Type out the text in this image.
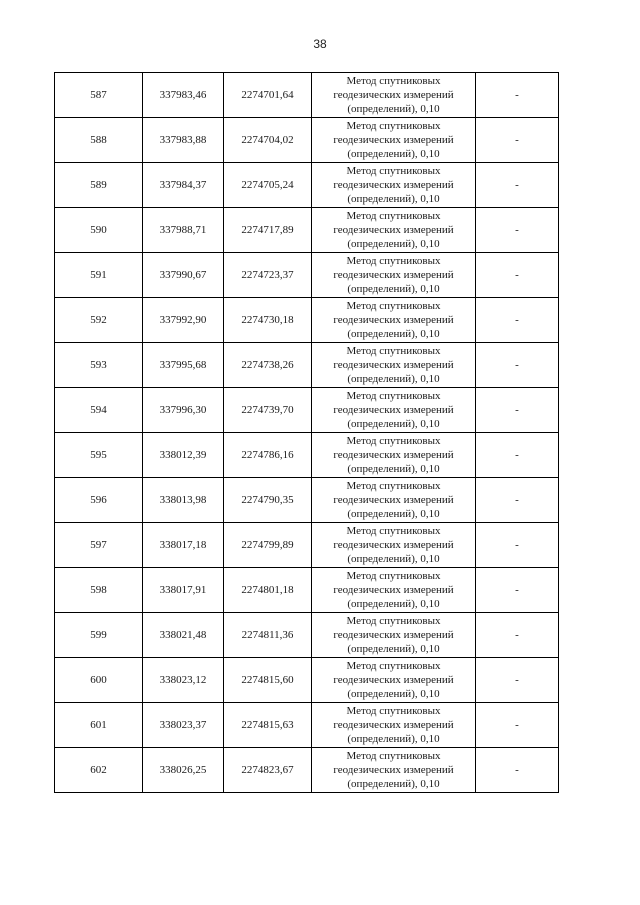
38
587	337983,46	2274701,64	Метод спутниковых
геодезических измерений
(определений), 0,10	-
588	337983,88	2274704,02	Метод спутниковых
геодезических измерений
(определений), 0,10	-
589	337984,37	2274705,24	Метод спутниковых
геодезических измерений
(определений), 0,10	-
590	337988,71	2274717,89	Метод спутниковых
геодезических измерений
(определений), 0,10	-
591	337990,67	2274723,37	Метод спутниковых
геодезических измерений
(определений), 0,10	-
592	337992,90	2274730,18	Метод спутниковых
геодезических измерений
(определений), 0,10	-
593	337995,68	2274738,26	Метод спутниковых
геодезических измерений
(определений), 0,10	-
594	337996,30	2274739,70	Метод спутниковых
геодезических измерений
(определений), 0,10	-
595	338012,39	2274786,16	Метод спутниковых
геодезических измерений
(определений), 0,10	-
596	338013,98	2274790,35	Метод спутниковых
геодезических измерений
(определений), 0,10	-
597	338017,18	2274799,89	Метод спутниковых
геодезических измерений
(определений), 0,10	-
598	338017,91	2274801,18	Метод спутниковых
геодезических измерений
(определений), 0,10	-
599	338021,48	2274811,36	Метод спутниковых
геодезических измерений
(определений), 0,10	-
600	338023,12	2274815,60	Метод спутниковых
геодезических измерений
(определений), 0,10	-
601	338023,37	2274815,63	Метод спутниковых
геодезических измерений
(определений), 0,10	-
602	338026,25	2274823,67	Метод спутниковых
геодезических измерений
(определений), 0,10	-
